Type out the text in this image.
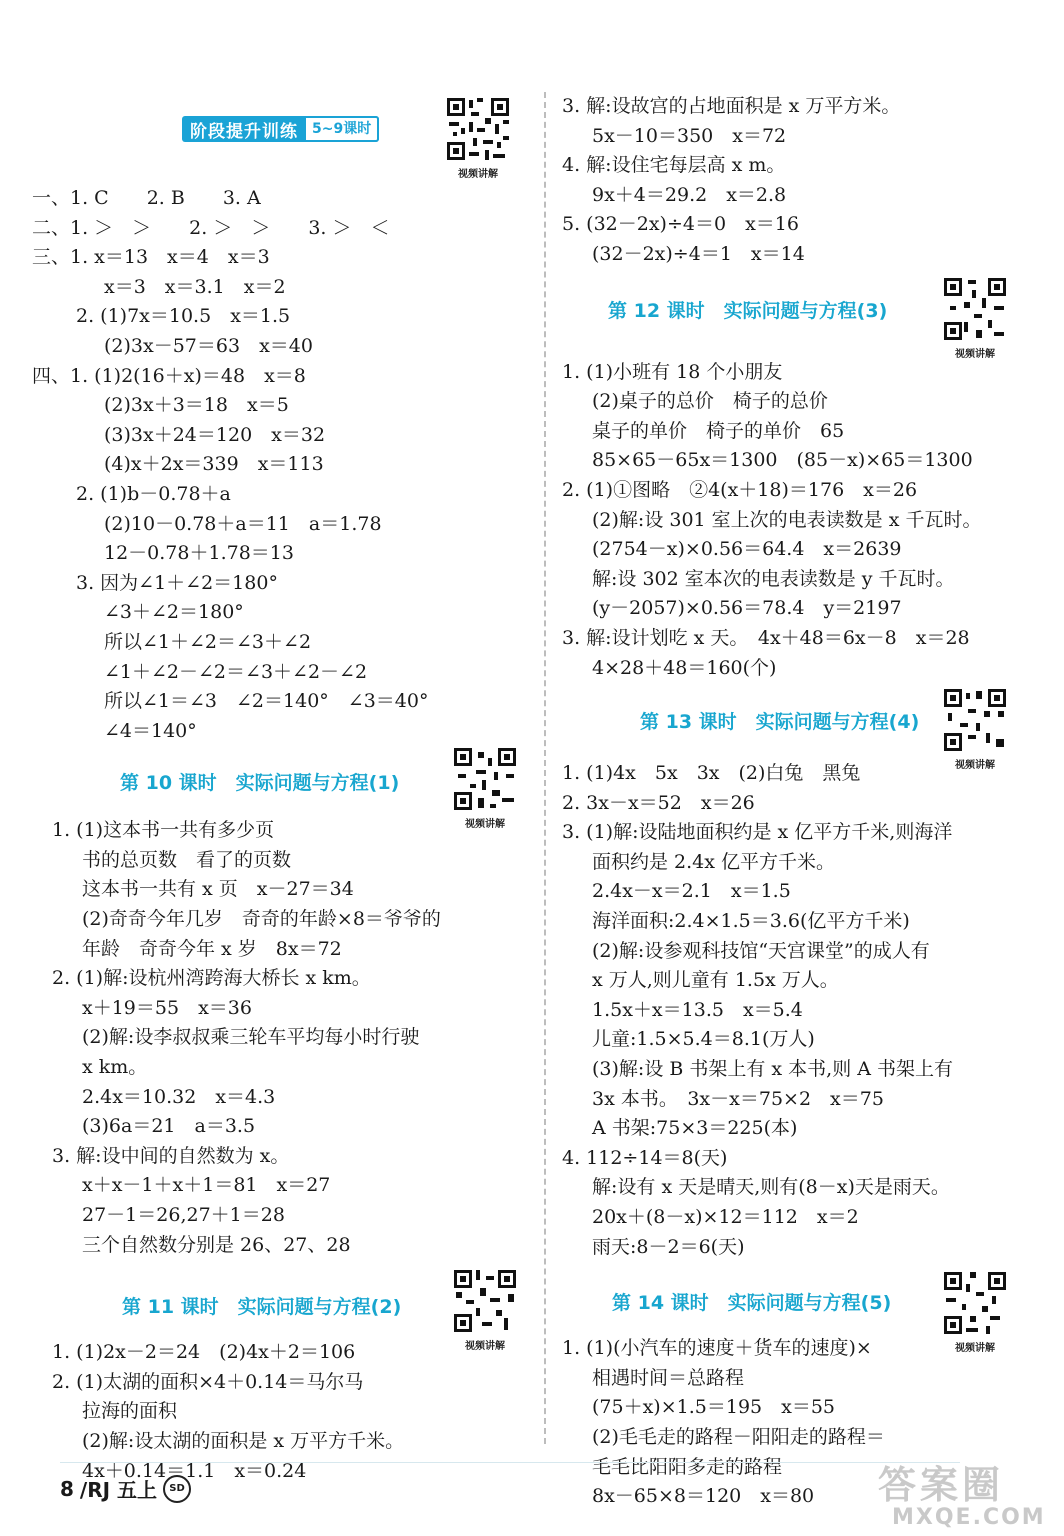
阶段提升训练	5~9课时
视频讲解
一、1. C　　2. B　　3. A
二、1. ＞　＞　　2. ＞　＞　　3. ＞　＜
三、1. x＝13　x＝4　x＝3
x＝3　x＝3.1　x＝2
2. (1)7x＝10.5　x＝1.5
(2)3x－57＝63　x＝40
四、1. (1)2(16＋x)＝48　x＝8
(2)3x＋3＝18　x＝5
(3)3x＋24＝120　x＝32
(4)x＋2x＝339　x＝113
2. (1)b－0.78＋a
(2)10－0.78＋a＝11　a＝1.78
12－0.78＋1.78＝13
3. 因为∠1＋∠2＝180°
∠3＋∠2＝180°
所以∠1＋∠2＝∠3＋∠2
∠1＋∠2－∠2＝∠3＋∠2－∠2
所以∠1＝∠3　∠2＝140°　∠3＝40°
∠4＝140°
第 10 课时　实际问题与方程(1)
视频讲解
1. (1)这本书一共有多少页
书的总页数　看了的页数
这本书一共有 x 页　x－27＝34
(2)奇奇今年几岁　奇奇的年龄×8＝爷爷的
年龄　奇奇今年 x 岁　8x＝72
2. (1)解:设杭州湾跨海大桥长 x km。
x＋19＝55　x＝36
(2)解:设李叔叔乘三轮车平均每小时行驶
x km。
2.4x＝10.32　x＝4.3
(3)6a＝21　a＝3.5
3. 解:设中间的自然数为 x。
x＋x－1＋x＋1＝81　x＝27
27－1＝26,27＋1＝28
三个自然数分别是 26、27、28
第 11 课时　实际问题与方程(2)
视频讲解
1. (1)2x－2＝24　(2)4x＋2＝106
2. (1)太湖的面积×4＋0.14＝马尔马
拉海的面积
(2)解:设太湖的面积是 x 万平方千米。
4x＋0.14＝1.1　x＝0.24
3. 解:设故宫的占地面积是 x 万平方米。
5x－10＝350　x＝72
4. 解:设住宅每层高 x m。
9x＋4＝29.2　x＝2.8
5. (32－2x)÷4＝0　x＝16
(32－2x)÷4＝1　x＝14
第 12 课时　实际问题与方程(3)
视频讲解
1. (1)小班有 18 个小朋友
(2)桌子的总价　椅子的总价
桌子的单价　椅子的单价　65
85×65－65x＝1300　(85－x)×65＝1300
2. (1)①图略　②4(x＋18)＝176　x＝26
(2)解:设 301 室上次的电表读数是 x 千瓦时。
(2754－x)×0.56＝64.4　x＝2639
解:设 302 室本次的电表读数是 y 千瓦时。
(y－2057)×0.56＝78.4　y＝2197
3. 解:设计划吃 x 天。　4x＋48＝6x－8　x＝28
4×28＋48＝160(个)
第 13 课时　实际问题与方程(4)
视频讲解
1. (1)4x　5x　3x　(2)白兔　黑兔
2. 3x－x＝52　x＝26
3. (1)解:设陆地面积约是 x 亿平方千米,则海洋
面积约是 2.4x 亿平方千米。
2.4x－x＝2.1　x＝1.5
海洋面积:2.4×1.5＝3.6(亿平方千米)
(2)解:设参观科技馆“天宫课堂”的成人有
x 万人,则儿童有 1.5x 万人。
1.5x＋x＝13.5　x＝5.4
儿童:1.5×5.4＝8.1(万人)
(3)解:设 B 书架上有 x 本书,则 A 书架上有
3x 本书。　3x－x＝75×2　x＝75
A 书架:75×3＝225(本)
4. 112÷14＝8(天)
解:设有 x 天是晴天,则有(8－x)天是雨天。
20x＋(8－x)×12＝112　x＝2
雨天:8－2＝6(天)
第 14 课时　实际问题与方程(5)
视频讲解
1. (1)(小汽车的速度＋货车的速度)×
相遇时间＝总路程
(75＋x)×1.5＝195　x＝55
(2)毛毛走的路程－阳阳走的路程＝
毛毛比阳阳多走的路程
8x－65×8＝120　x＝80
8 /RJ 五上	SD	答案圈
MXQE.COM
